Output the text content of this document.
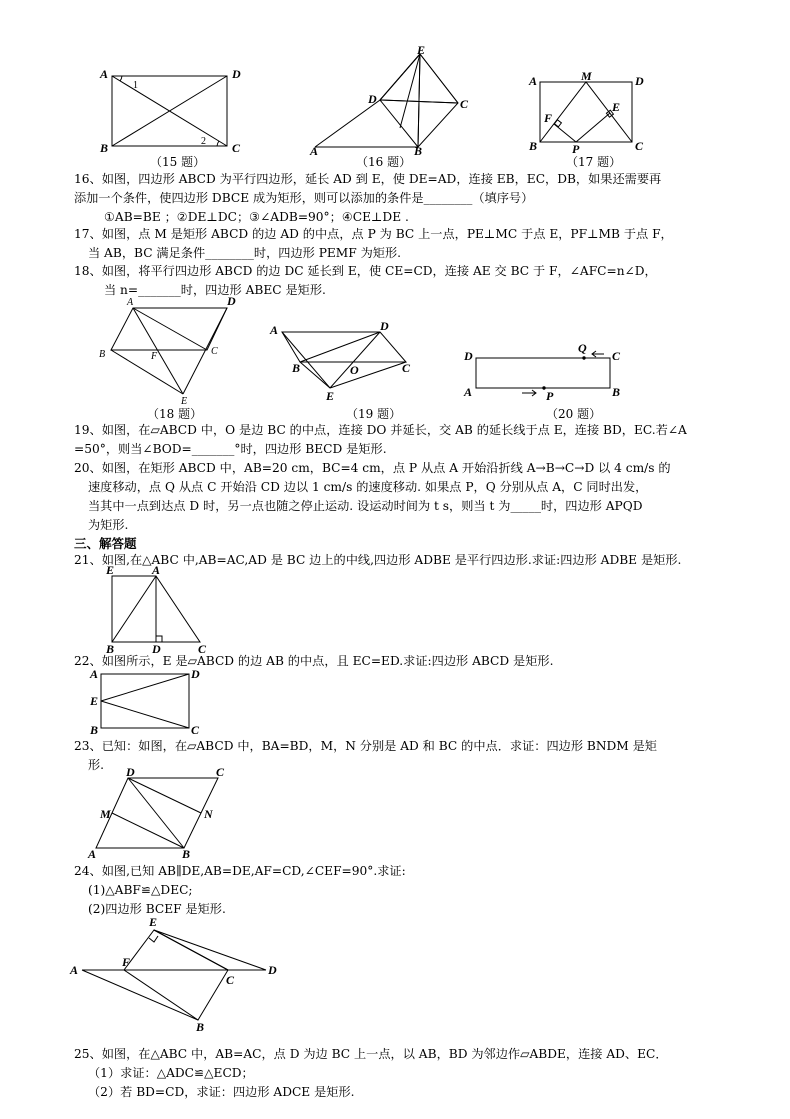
A	D
B	C
1
2
（15 题）
E
D	C
A	B
（16 题）
A	M	D
F
E
B	P	C
（17 题）
16、如图，四边形 ABCD 为平行四边形，延长 AD 到 E，使 DE=AD，连接 EB，EC，DB，如果还需要再
添加一个条件，使四边形 DBCE 成为矩形，则可以添加的条件是________（填序号）
①AB=BE ；②DE⊥DC；③∠ADB=90°；④CE⊥DE .
17、如图，点 M 是矩形 ABCD 的边 AD 的中点，点 P 为 BC 上一点，PE⊥MC 于点 E，PF⊥MB 于点 F，
当 AB，BC 满足条件________时，四边形 PEMF 为矩形.
18、如图，将平行四边形 ABCD 的边 DC 延长到 E，使 CE=CD，连接 AE 交 BC 于 F，∠AFC=n∠D，
当 n=_______时，四边形 ABEC 是矩形.
A	D
B	F	C
E
（18 题）
A	D
B	O	C
E
（19 题）
D
Q
C
A	P	B
（20 题）
19、如图，在▱ABCD 中，O 是边 BC 的中点，连接 DO 并延长，交 AB 的延长线于点 E，连接 BD，EC.若∠A
=50°，则当∠BOD=_______°时，四边形 BECD 是矩形.
20、如图，在矩形 ABCD 中，AB=20 cm，BC=4 cm，点 P 从点 A 开始沿折线 A→B→C→D 以 4 cm/s 的
速度移动，点 Q 从点 C 开始沿 CD 边以 1 cm/s 的速度移动. 如果点 P，Q 分别从点 A，C 同时出发，
当其中一点到达点 D 时，另一点也随之停止运动. 设运动时间为 t s，则当 t 为_____时，四边形 APQD
为矩形.
三、解答题
21、如图,在△ABC 中,AB=AC,AD 是 BC 边上的中线,四边形 ADBE 是平行四边形.求证:四边形 ADBE 是矩形.
E	A
B	D	C
22、如图所示，E 是▱ABCD 的边 AB 的中点，且 EC=ED.求证:四边形 ABCD 是矩形.
A	D
E
B	C
23、已知：如图，在▱ABCD 中，BA=BD，M，N 分别是 AD 和 BC 的中点．求证：四边形 BNDM 是矩
形.	D	C
M	N
A	B
24、如图,已知 AB∥DE,AB=DE,AF=CD,∠CEF=90°.求证:
(1)△ABF≌△DEC;
(2)四边形 BCEF 是矩形.
E
A
F
C
D
B
25、如图，在△ABC 中，AB=AC，点 D 为边 BC 上一点，以 AB，BD 为邻边作▱ABDE，连接 AD、EC．
（1）求证：△ADC≌△ECD；
（2）若 BD=CD，求证：四边形 ADCE 是矩形.
